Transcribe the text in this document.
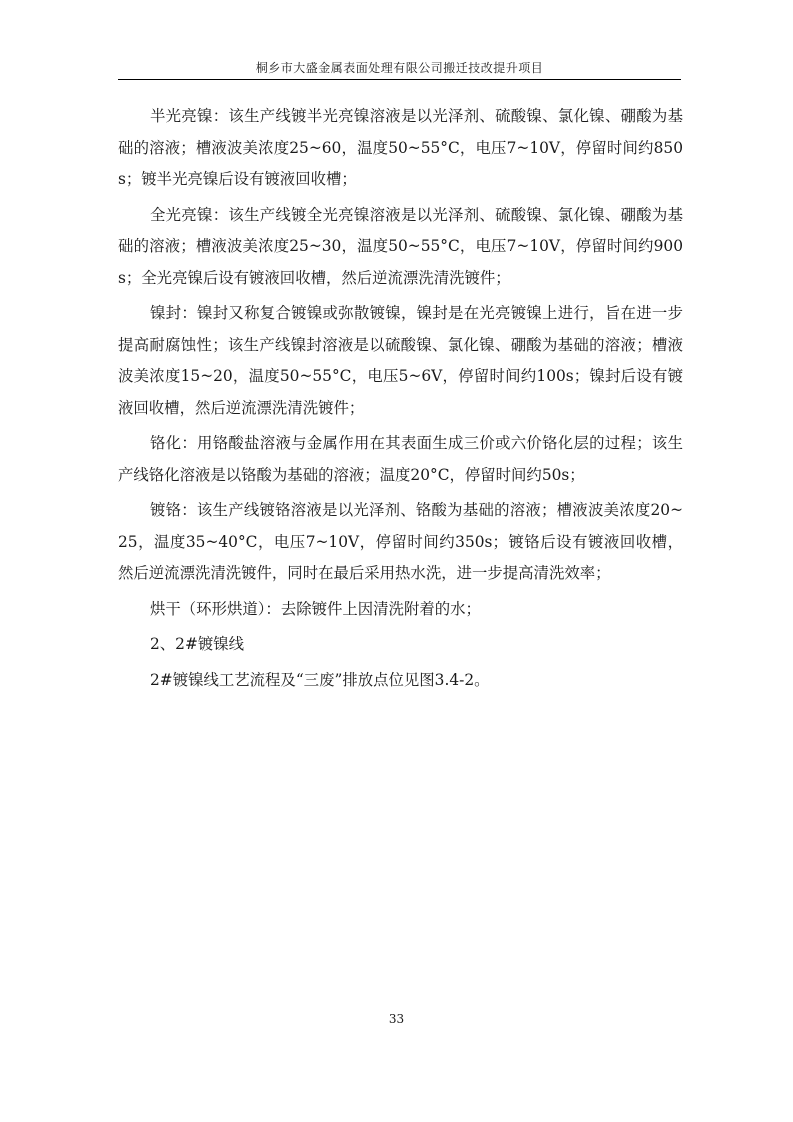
桐乡市大盛金属表面处理有限公司搬迁技改提升项目

半光亮镍：该生产线镀半光亮镍溶液是以光泽剂、硫酸镍、氯化镍、硼酸为基础的溶液；槽液波美浓度25~60，温度50~55°C，电压7~10V，停留时间约850s；镀半光亮镍后设有镀液回收槽；

全光亮镍：该生产线镀全光亮镍溶液是以光泽剂、硫酸镍、氯化镍、硼酸为基础的溶液；槽液波美浓度25~30，温度50~55°C，电压7~10V，停留时间约900s；全光亮镍后设有镀液回收槽，然后逆流漂洗清洗镀件；

镍封：镍封又称复合镀镍或弥散镀镍，镍封是在光亮镀镍上进行，旨在进一步提高耐腐蚀性；该生产线镍封溶液是以硫酸镍、氯化镍、硼酸为基础的溶液；槽液波美浓度15~20，温度50~55°C，电压5~6V，停留时间约100s；镍封后设有镀液回收槽，然后逆流漂洗清洗镀件；

铬化：用铬酸盐溶液与金属作用在其表面生成三价或六价铬化层的过程；该生产线铬化溶液是以铬酸为基础的溶液；温度20°C，停留时间约50s；

镀铬：该生产线镀铬溶液是以光泽剂、铬酸为基础的溶液；槽液波美浓度20~25，温度35~40°C，电压7~10V，停留时间约350s；镀铬后设有镀液回收槽，然后逆流漂洗清洗镀件，同时在最后采用热水洗，进一步提高清洗效率；

烘干（环形烘道）：去除镀件上因清洗附着的水；

2、2#镀镍线

2#镀镍线工艺流程及“三废”排放点位见图3.4-2。

33
